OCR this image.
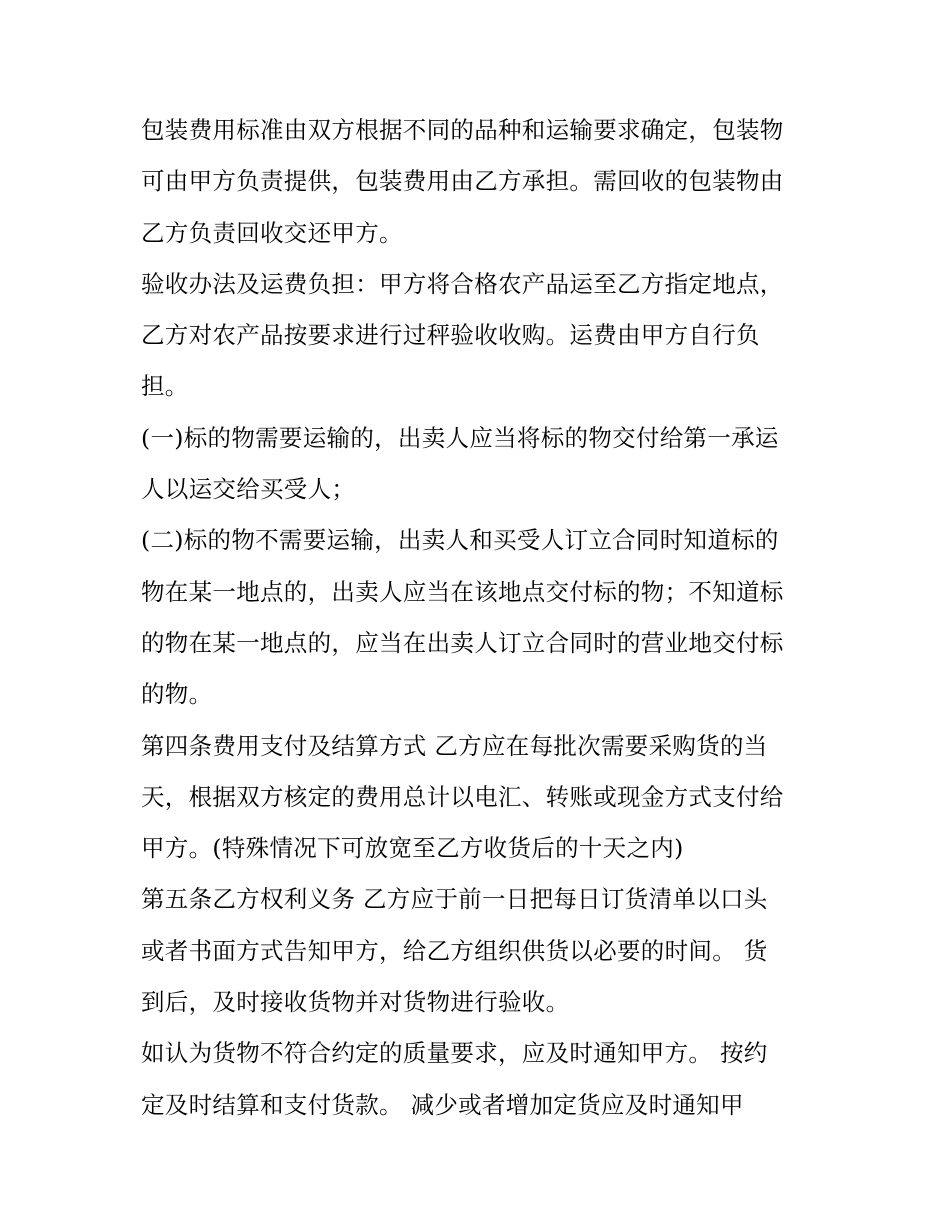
包装费用标准由双方根据不同的品种和运输要求确定，包装物
可由甲方负责提供，包装费用由乙方承担。需回收的包装物由
乙方负责回收交还甲方。

验收办法及运费负担：甲方将合格农产品运至乙方指定地点，
乙方对农产品按要求进行过秤验收收购。运费由甲方自行负
担。

(一)标的物需要运输的，出卖人应当将标的物交付给第一承运
人以运交给买受人；

(二)标的物不需要运输，出卖人和买受人订立合同时知道标的
物在某一地点的，出卖人应当在该地点交付标的物；不知道标
的物在某一地点的，应当在出卖人订立合同时的营业地交付标
的物。

第四条费用支付及结算方式 乙方应在每批次需要采购货的当
天，根据双方核定的费用总计以电汇、转账或现金方式支付给
甲方。(特殊情况下可放宽至乙方收货后的十天之内)

第五条乙方权利义务 乙方应于前一日把每日订货清单以口头
或者书面方式告知甲方，给乙方组织供货以必要的时间。 货
到后，及时接收货物并对货物进行验收。

如认为货物不符合约定的质量要求，应及时通知甲方。 按约
定及时结算和支付货款。 减少或者增加定货应及时通知甲
